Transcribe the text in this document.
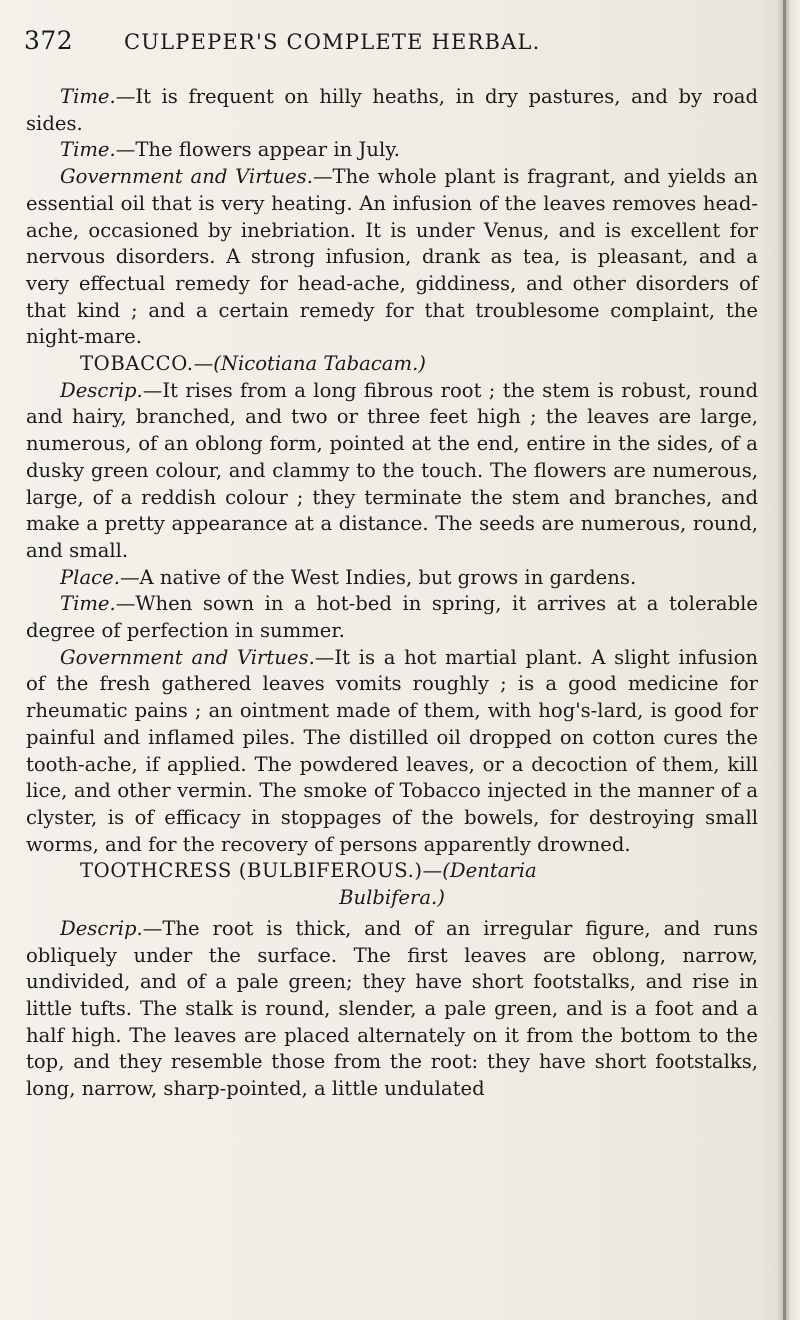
372 CULPEPER'S COMPLETE HERBAL.

Time.—It is frequent on hilly heaths, in dry pastures, and by road sides.

Time.—The flowers appear in July.

Government and Virtues.—The whole plant is fragrant, and yields an essential oil that is very heating. An infusion of the leaves removes head-ache, occasioned by inebriation. It is under Venus, and is excellent for nervous disorders. A strong infusion, drank as tea, is pleasant, and a very effectual remedy for head-ache, giddiness, and other disorders of that kind ; and a certain remedy for that troublesome complaint, the night-mare.

TOBACCO.—(Nicotiana Tabacam.)

Descrip.—It rises from a long fibrous root ; the stem is robust, round and hairy, branched, and two or three feet high ; the leaves are large, numerous, of an oblong form, pointed at the end, entire in the sides, of a dusky green colour, and clammy to the touch. The flowers are numerous, large, of a reddish colour ; they terminate the stem and branches, and make a pretty appearance at a distance. The seeds are numerous, round, and small.

Place.—A native of the West Indies, but grows in gardens.

Time.—When sown in a hot-bed in spring, it arrives at a tolerable degree of perfection in summer.

Government and Virtues.—It is a hot martial plant. A slight infusion of the fresh gathered leaves vomits roughly ; is a good medicine for rheumatic pains ; an ointment made of them, with hog's-lard, is good for painful and inflamed piles. The distilled oil dropped on cotton cures the tooth-ache, if applied. The powdered leaves, or a decoction of them, kill lice, and other vermin. The smoke of Tobacco injected in the manner of a clyster, is of efficacy in stoppages of the bowels, for destroying small worms, and for the recovery of persons apparently drowned.

TOOTHCRESS (BULBIFEROUS.)—(Dentaria

Bulbifera.)

Descrip.—The root is thick, and of an irregular figure, and runs obliquely under the surface. The first leaves are oblong, narrow, undivided, and of a pale green; they have short footstalks, and rise in little tufts. The stalk is round, slender, a pale green, and is a foot and a half high. The leaves are placed alternately on it from the bottom to the top, and they resemble those from the root: they have short footstalks, long, narrow, sharp-pointed, a little undulated
